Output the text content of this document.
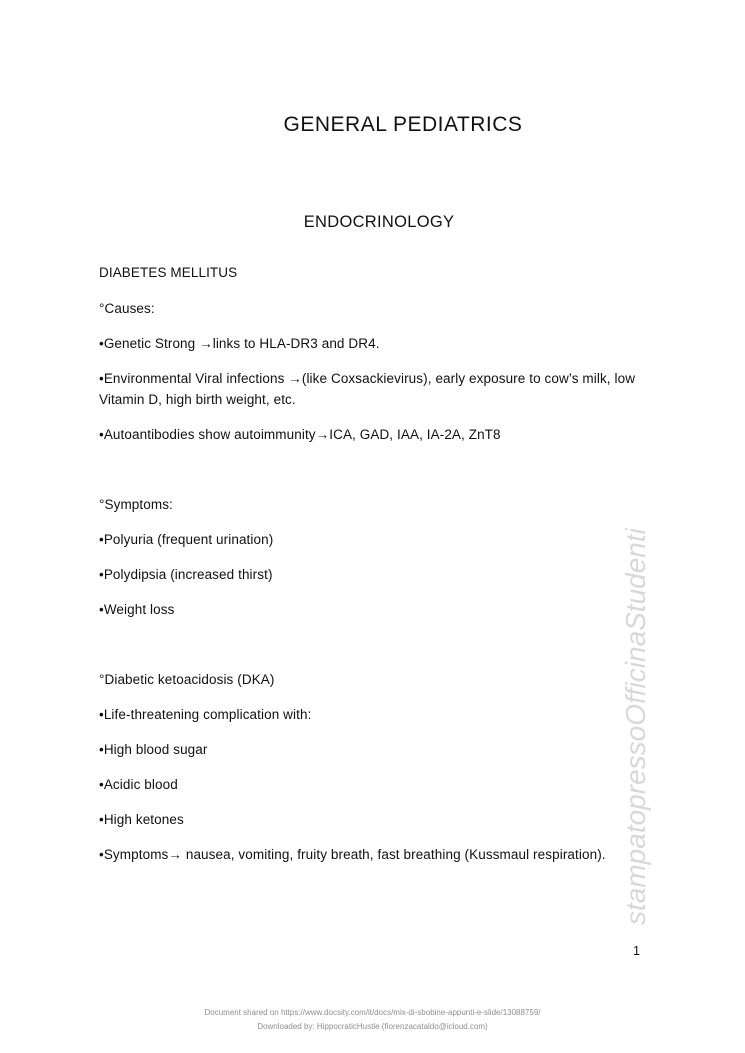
GENERAL PEDIATRICS
ENDOCRINOLOGY

DIABETES MELLITUS

°Causes:

•Genetic Strong →links to HLA-DR3 and DR4.

•Environmental Viral infections →(like Coxsackievirus), early exposure to cow’s milk, low Vitamin D, high birth weight, etc.

•Autoantibodies show autoimmunity→ICA, GAD, IAA, IA-2A, ZnT8

°Symptoms:

•Polyuria (frequent urination)

•Polydipsia (increased thirst)

•Weight loss

°Diabetic ketoacidosis (DKA)

•Life-threatening complication with:

•High blood sugar

•Acidic blood

•High ketones

•Symptoms→ nausea, vomiting, fruity breath, fast breathing (Kussmaul respiration). stampatopressoOfficinaStudenti
1
Document shared on https://www.docsity.com/it/docs/mix-di-sbobine-appunti-e-slide/13088759/
Downloaded by: HippocraticHustle (fiorenzacataldo@icloud.com)
